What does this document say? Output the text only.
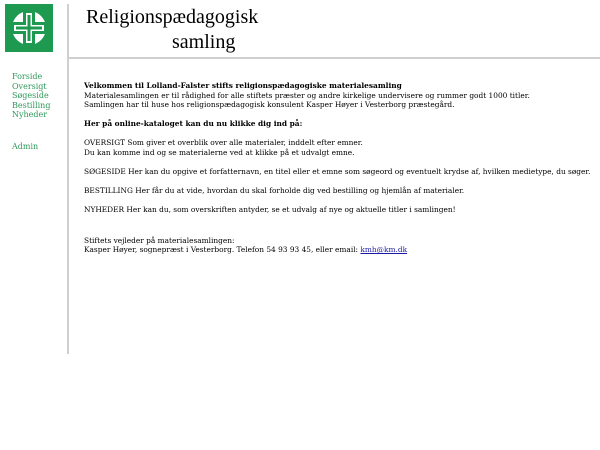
Religionspædagogisk
samling
Forside
Oversigt
Søgeside
Bestilling
Nyheder
Admin

Velkommen til Lolland-Falster stifts religionspædagogiske materialesamling
Materialesamlingen er til rådighed for alle stiftets præster og andre kirkelige undervisere og rummer godt 1000 titler.
Samlingen har til huse hos religionspædagogisk konsulent Kasper Høyer i Vesterborg præstegård.

Her på online-kataloget kan du nu klikke dig ind på:

OVERSIGT Som giver et overblik over alle materialer, inddelt efter emner.
Du kan komme ind og se materialerne ved at klikke på et udvalgt emne.

SØGESIDE Her kan du opgive et forfatternavn, en titel eller et emne som søgeord og eventuelt krydse af, hvilken medietype, du søger.

BESTILLING Her får du at vide, hvordan du skal forholde dig ved bestilling og hjemlån af materialer.

NYHEDER Her kan du, som overskriften antyder, se et udvalg af nye og aktuelle titler i samlingen!

Stiftets vejleder på materialesamlingen:
Kasper Høyer, sognepræst i Vesterborg. Telefon 54 93 93 45, eller email: kmh@km.dk
